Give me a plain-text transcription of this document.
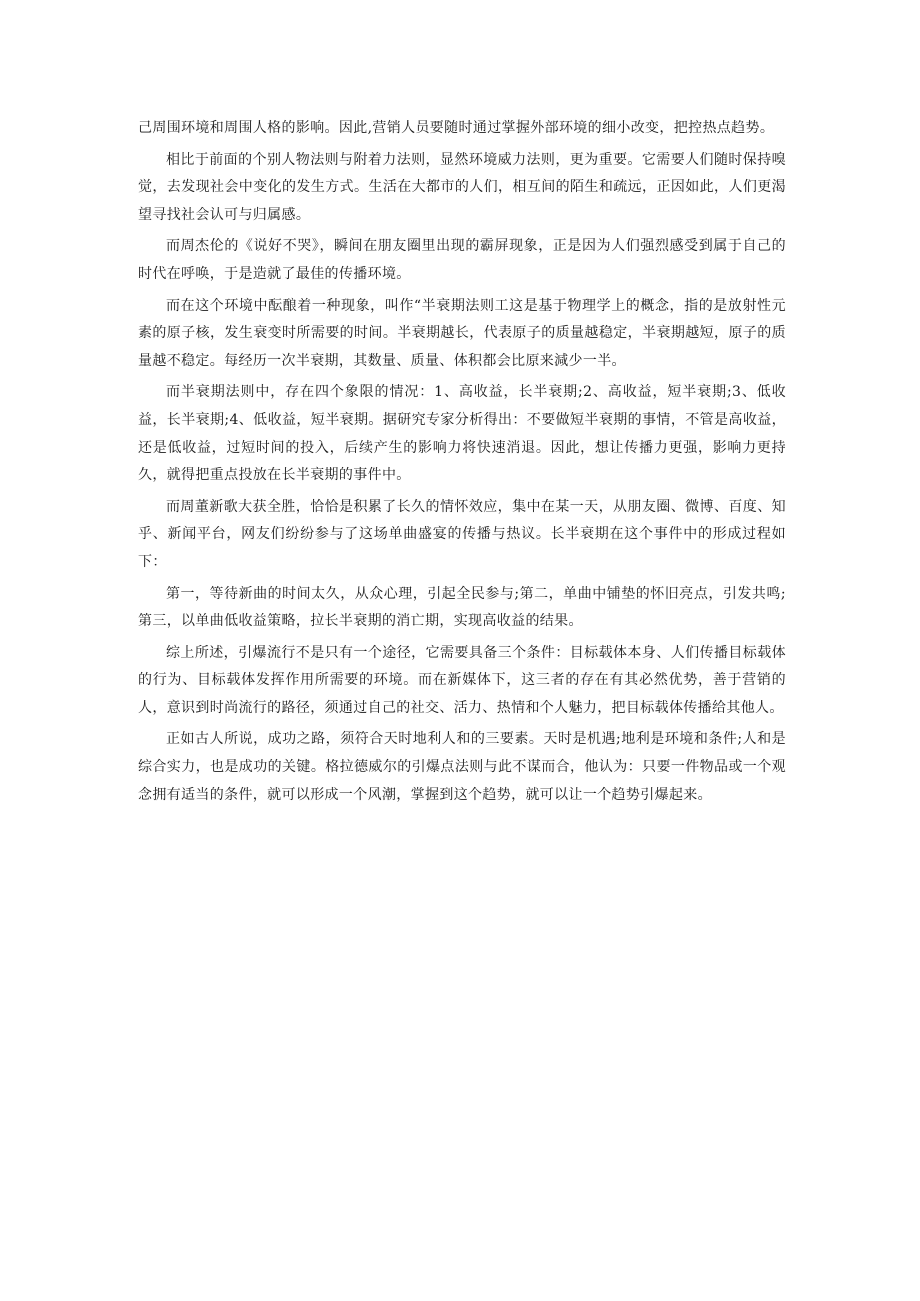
己周围环境和周围人格的影响。因此,营销人员要随时通过掌握外部环境的细小改变，把控热点趋势。

相比于前面的个别人物法则与附着力法则，显然环境威力法则，更为重要。它需要人们随时保持嗅觉，去发现社会中变化的发生方式。生活在大都市的人们，相互间的陌生和疏远，正因如此，人们更渴望寻找社会认可与归属感。

而周杰伦的《说好不哭》，瞬间在朋友圈里出现的霸屏现象，正是因为人们强烈感受到属于自己的时代在呼唤，于是造就了最佳的传播环境。

而在这个环境中酝酿着一种现象，叫作“半衰期法则工这是基于物理学上的概念，指的是放射性元素的原子核，发生衰变时所需要的时间。半衰期越长，代表原子的质量越稳定，半衰期越短，原子的质量越不稳定。每经历一次半衰期，其数量、质量、体积都会比原来減少一半。

而半衰期法则中，存在四个象限的情况：1、高收益，长半衰期;2、高收益，短半衰期;3、低收益，长半衰期;4、低收益，短半衰期。据研究专家分析得出：不要做短半衰期的事情，不管是高收益，还是低收益，过短时间的投入，后续产生的影响力将快速消退。因此，想让传播力更强，影响力更持久，就得把重点投放在长半衰期的事件中。

而周董新歌大获全胜，恰恰是积累了长久的情怀效应，集中在某一天，从朋友圈、微博、百度、知乎、新闻平台，网友们纷纷参与了这场单曲盛宴的传播与热议。长半衰期在这个事件中的形成过程如下：

第一，等待新曲的时间太久，从众心理，引起全民参与;第二，单曲中铺垫的怀旧亮点，引发共鸣;第三，以单曲低收益策略，拉长半衰期的消亡期，实现高收益的结果。

综上所述，引爆流行不是只有一个途径，它需要具备三个条件：目标载体本身、人们传播目标载体的行为、目标载体发挥作用所需要的环境。而在新媒体下，这三者的存在有其必然优势，善于营销的人，意识到时尚流行的路径，须通过自己的社交、活力、热情和个人魅力，把目标载体传播给其他人。

正如古人所说，成功之路，须符合天时地利人和的三要素。天时是机遇;地利是环境和条件;人和是综合实力，也是成功的关键。格拉德威尔的引爆点法则与此不谋而合，他认为：只要一件物品或一个观念拥有适当的条件，就可以形成一个风潮，掌握到这个趋势，就可以让一个趋势引爆起来。
